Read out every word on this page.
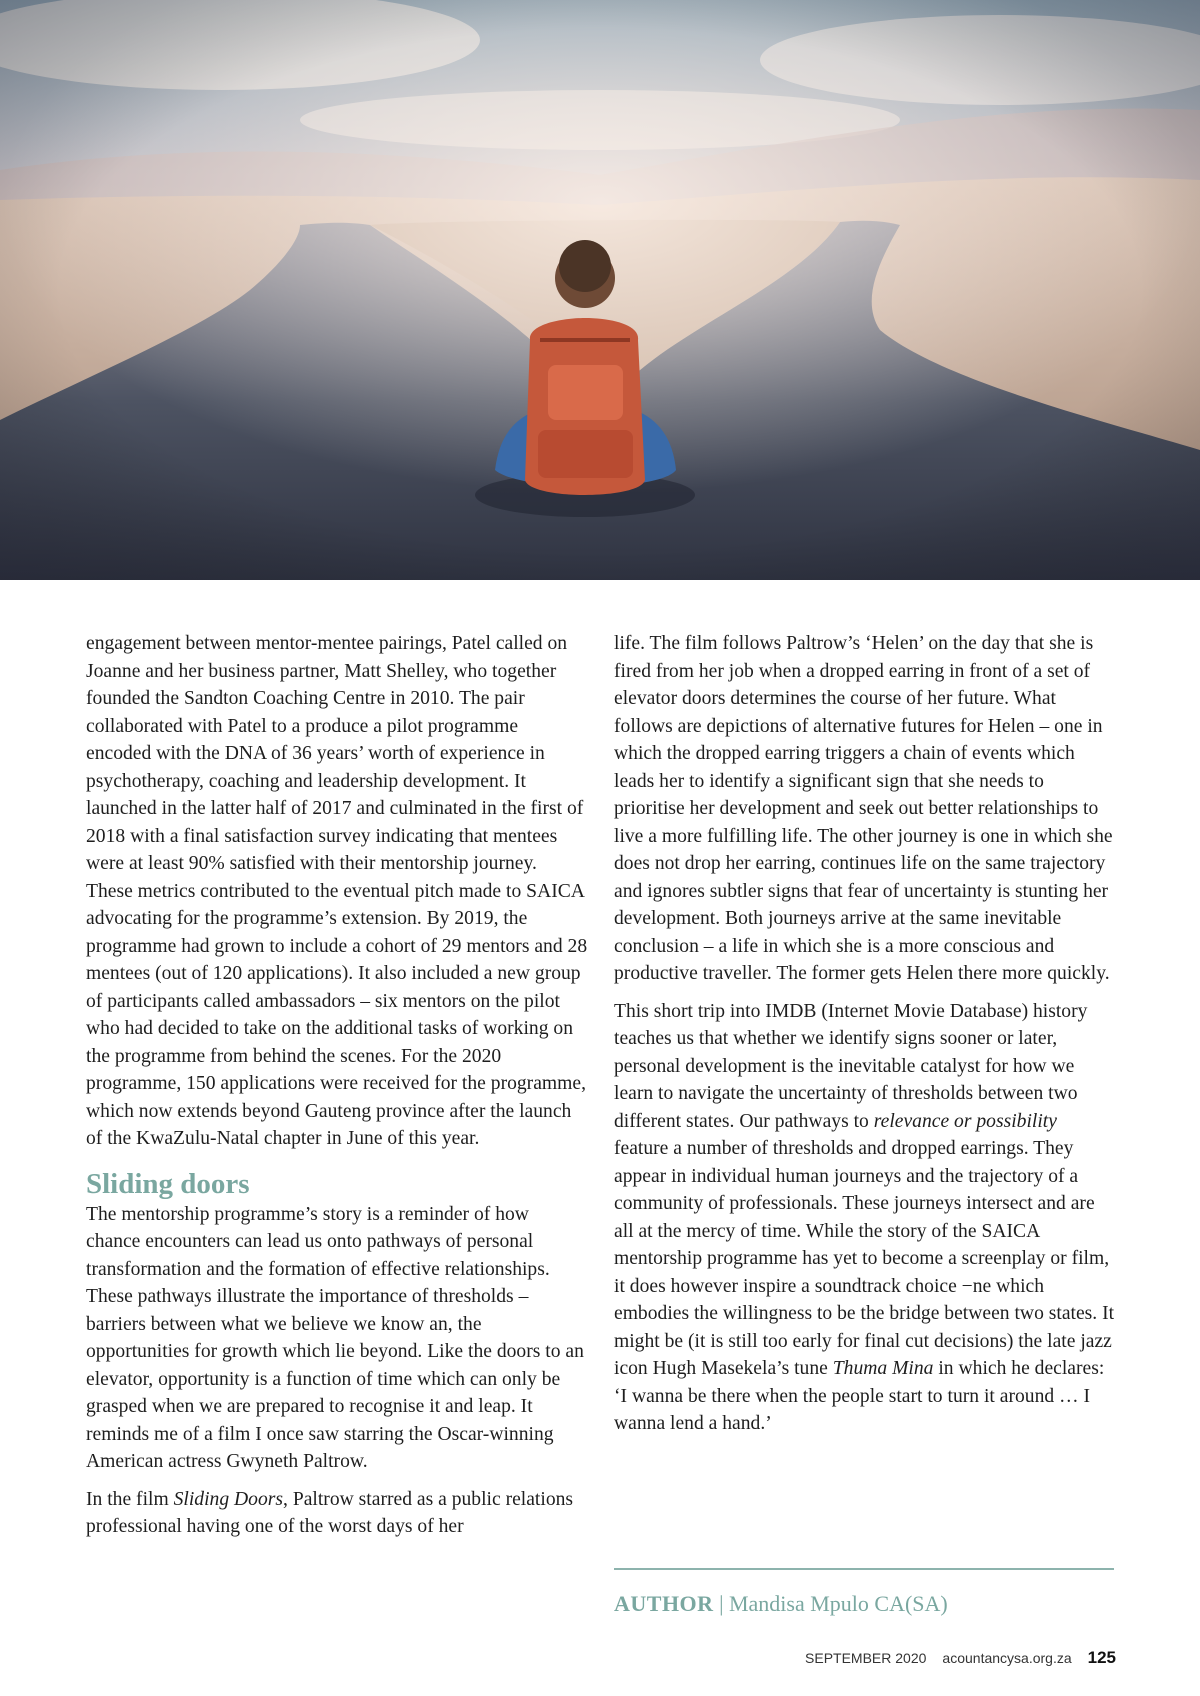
engagement between mentor-mentee pairings, Patel called on Joanne and her business partner, Matt Shelley, who together founded the Sandton Coaching Centre in 2010. The pair collaborated with Patel to a produce a pilot programme encoded with the DNA of 36 years’ worth of experience in psychotherapy, coaching and leadership development. It launched in the latter half of 2017 and culminated in the first of 2018 with a final satisfaction survey indicating that mentees were at least 90% satisfied with their mentorship journey. These metrics contributed to the eventual pitch made to SAICA advocating for the programme’s extension. By 2019, the programme had grown to include a cohort of 29 mentors and 28 mentees (out of 120 applications). It also included a new group of participants called ambassadors – six mentors on the pilot who had decided to take on the additional tasks of working on the programme from behind the scenes. For the 2020 programme, 150 applications were received for the programme, which now extends beyond Gauteng province after the launch of the KwaZulu-Natal chapter in June of this year.

Sliding doors

The mentorship programme’s story is a reminder of how chance encounters can lead us onto pathways of personal transformation and the formation of effective relationships. These pathways illustrate the importance of thresholds – barriers between what we believe we know an, the opportunities for growth which lie beyond. Like the doors to an elevator, opportunity is a function of time which can only be grasped when we are prepared to recognise it and leap. It reminds me of a film I once saw starring the Oscar-winning American actress Gwyneth Paltrow.

In the film Sliding Doors, Paltrow starred as a public relations professional having one of the worst days of her

life. The film follows Paltrow’s ‘Helen’ on the day that she is fired from her job when a dropped earring in front of a set of elevator doors determines the course of her future. What follows are depictions of alternative futures for Helen – one in which the dropped earring triggers a chain of events which leads her to identify a significant sign that she needs to prioritise her development and seek out better relationships to live a more fulfilling life. The other journey is one in which she does not drop her earring, continues life on the same trajectory and ignores subtler signs that fear of uncertainty is stunting her development. Both journeys arrive at the same inevitable conclusion – a life in which she is a more conscious and productive traveller. The former gets Helen there more quickly.

This short trip into IMDB (Internet Movie Database) history teaches us that whether we identify signs sooner or later, personal development is the inevitable catalyst for how we learn to navigate the uncertainty of thresholds between two different states. Our pathways to relevance or possibility feature a number of thresholds and dropped earrings. They appear in individual human journeys and the trajectory of a community of professionals. These journeys intersect and are all at the mercy of time. While the story of the SAICA mentorship programme has yet to become a screenplay or film, it does however inspire a soundtrack choice −ne which embodies the willingness to be the bridge between two states. It might be (it is still too early for final cut decisions) the late jazz icon Hugh Masekela’s tune Thuma Mina in which he declares: ‘I wanna be there when the people start to turn it around … I wanna lend a hand.’

AUTHOR | Mandisa Mpulo CA(SA)
SEPTEMBER 2020 acountancysa.org.za 125
